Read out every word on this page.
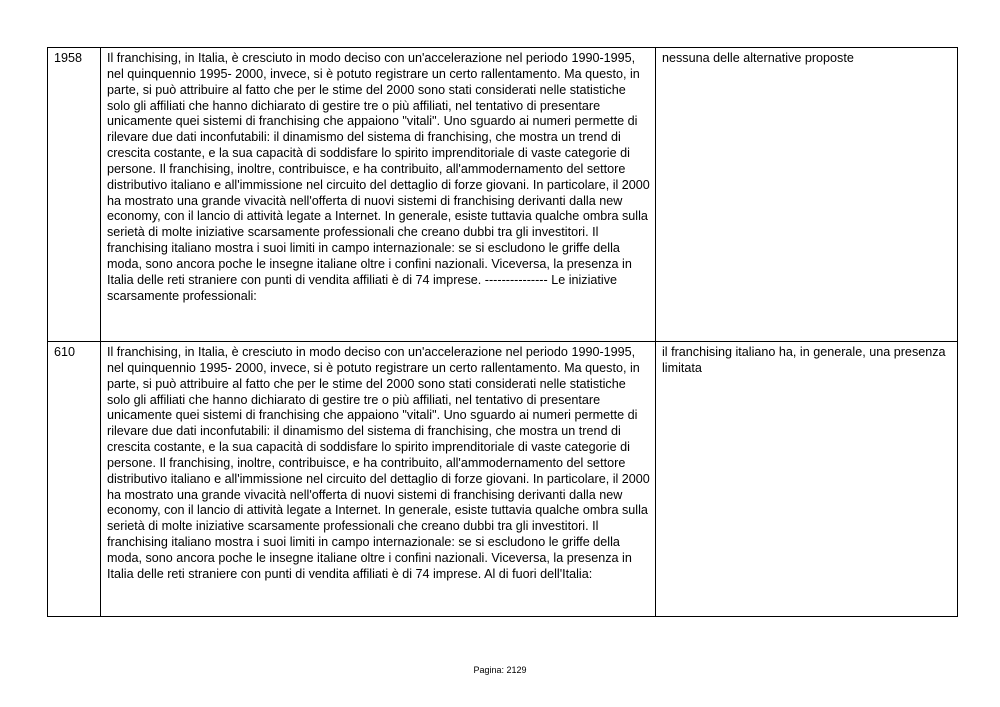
1958	Il franchising, in Italia, è cresciuto in modo deciso con un'accelerazione nel periodo 1990-1995, nel quinquennio 1995- 2000, invece, si è potuto registrare un certo rallentamento. Ma questo, in parte, si può attribuire al fatto che per le stime del 2000 sono stati considerati nelle statistiche solo gli affiliati che hanno dichiarato di gestire tre o più affiliati, nel tentativo di presentare unicamente quei sistemi di franchising che appaiono "vitali". Uno sguardo ai numeri permette di rilevare due dati inconfutabili: il dinamismo del sistema di franchising, che mostra un trend di crescita costante, e la sua capacità di soddisfare lo spirito imprenditoriale di vaste categorie di persone. Il franchising, inoltre, contribuisce, e ha contribuito, all'ammodernamento del settore distributivo italiano e all'immissione nel circuito del dettaglio di forze giovani. In particolare, il 2000 ha mostrato una grande vivacità nell'offerta di nuovi sistemi di franchising derivanti dalla new economy, con il lancio di attività legate a Internet. In generale, esiste tuttavia qualche ombra sulla serietà di molte iniziative scarsamente professionali che creano dubbi tra gli investitori. Il franchising italiano mostra i suoi limiti in campo internazionale: se si escludono le griffe della moda, sono ancora poche le insegne italiane oltre i confini nazionali. Viceversa, la presenza in Italia delle reti straniere con punti di vendita affiliati è di 74 imprese. --------------- Le iniziative scarsamente professionali:	nessuna delle alternative proposte
610	Il franchising, in Italia, è cresciuto in modo deciso con un'accelerazione nel periodo 1990-1995, nel quinquennio 1995- 2000, invece, si è potuto registrare un certo rallentamento. Ma questo, in parte, si può attribuire al fatto che per le stime del 2000 sono stati considerati nelle statistiche solo gli affiliati che hanno dichiarato di gestire tre o più affiliati, nel tentativo di presentare unicamente quei sistemi di franchising che appaiono "vitali". Uno sguardo ai numeri permette di rilevare due dati inconfutabili: il dinamismo del sistema di franchising, che mostra un trend di crescita costante, e la sua capacità di soddisfare lo spirito imprenditoriale di vaste categorie di persone. Il franchising, inoltre, contribuisce, e ha contribuito, all'ammodernamento del settore distributivo italiano e all'immissione nel circuito del dettaglio di forze giovani. In particolare, il 2000 ha mostrato una grande vivacità nell'offerta di nuovi sistemi di franchising derivanti dalla new economy, con il lancio di attività legate a Internet. In generale, esiste tuttavia qualche ombra sulla serietà di molte iniziative scarsamente professionali che creano dubbi tra gli investitori. Il franchising italiano mostra i suoi limiti in campo internazionale: se si escludono le griffe della moda, sono ancora poche le insegne italiane oltre i confini nazionali. Viceversa, la presenza in Italia delle reti straniere con punti di vendita affiliati è di 74 imprese. Al di fuori dell'Italia:	il franchising italiano ha, in generale, una presenza limitata
Pagina: 2129
